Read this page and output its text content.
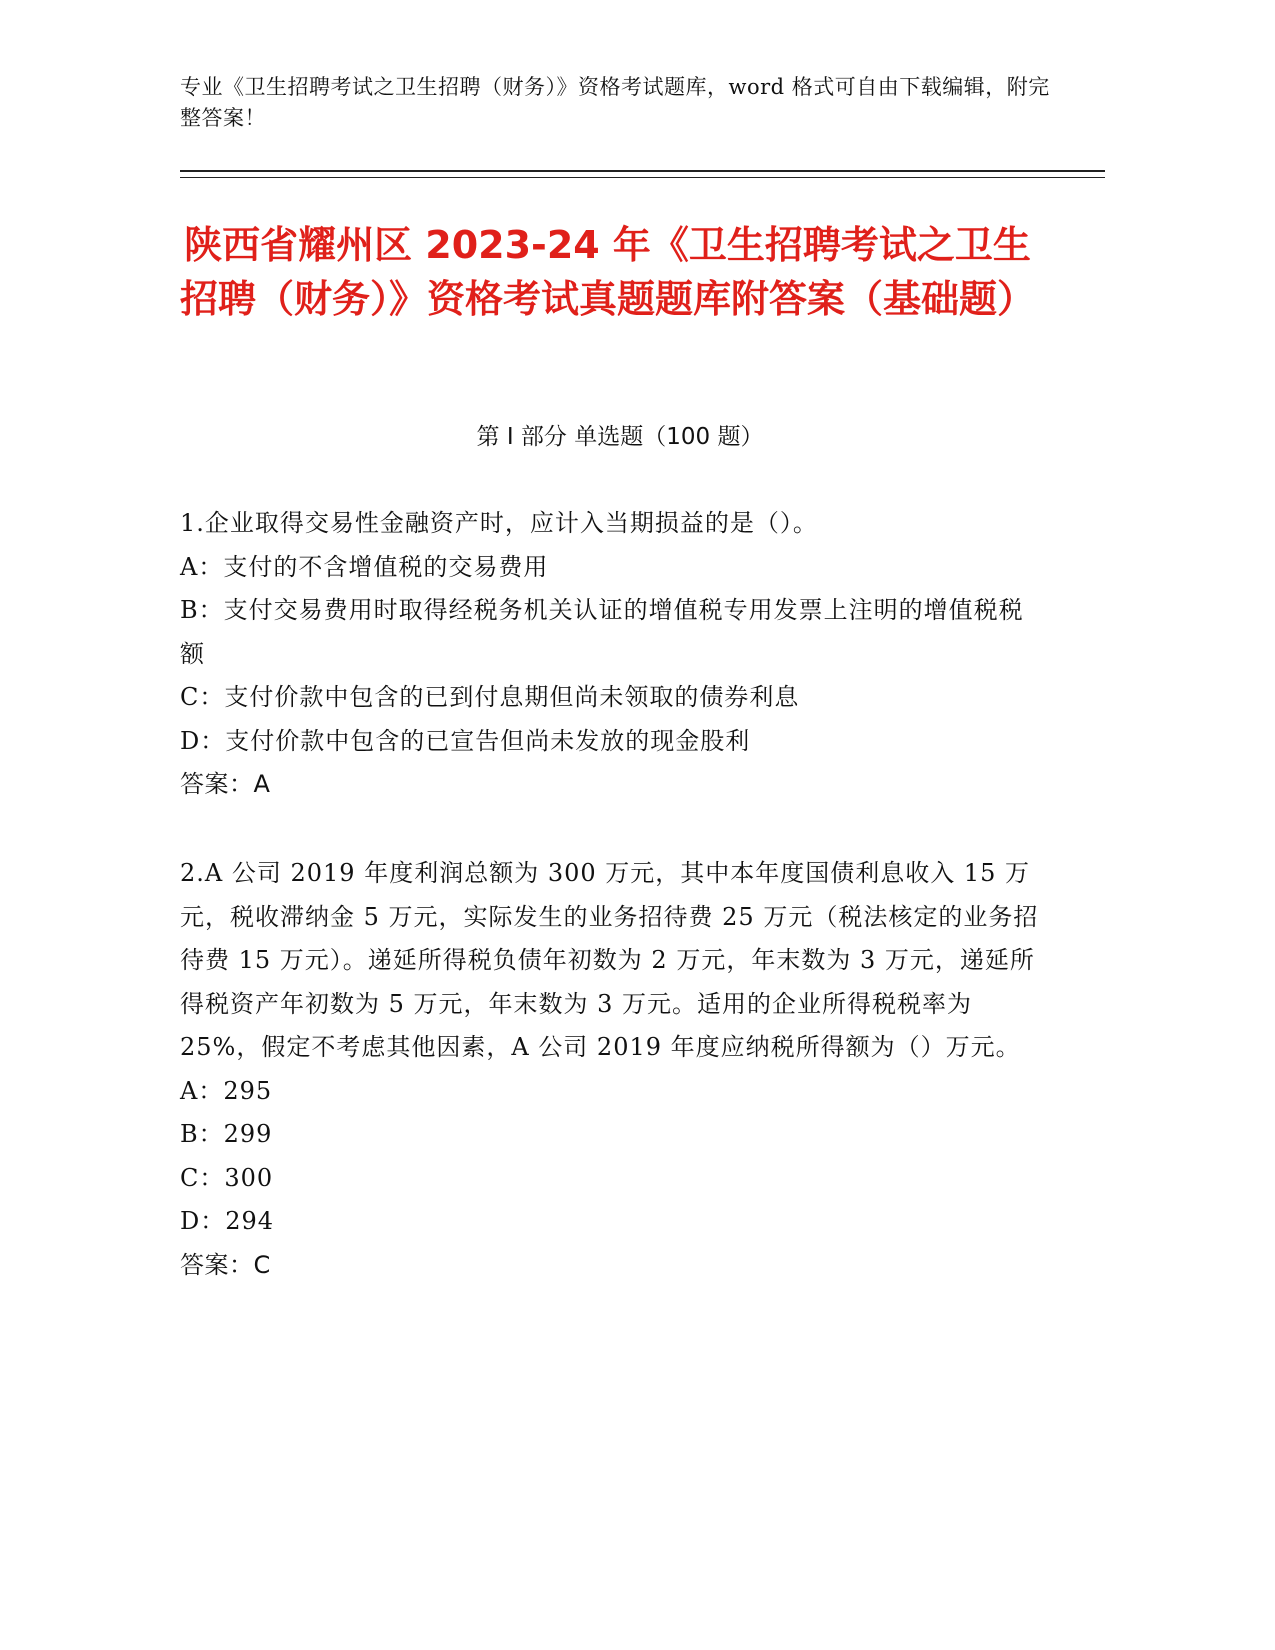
专业《卫生招聘考试之卫生招聘（财务）》资格考试题库，word 格式可自由下载编辑，附完整答案！
陕西省耀州区 2023-24 年《卫生招聘考试之卫生招聘（财务）》资格考试真题题库附答案（基础题）
第 I 部分 单选题（100 题）

1.企业取得交易性金融资产时，应计入当期损益的是（）。

A：支付的不含增值税的交易费用

B：支付交易费用时取得经税务机关认证的增值税专用发票上注明的增值税税额

C：支付价款中包含的已到付息期但尚未领取的债券利息

D：支付价款中包含的已宣告但尚未发放的现金股利

答案：A

2.A 公司 2019 年度利润总额为 300 万元，其中本年度国债利息收入 15 万元，税收滞纳金 5 万元，实际发生的业务招待费 25 万元（税法核定的业务招待费 15 万元）。递延所得税负债年初数为 2 万元，年末数为 3 万元，递延所得税资产年初数为 5 万元，年末数为 3 万元。适用的企业所得税税率为 25%，假定不考虑其他因素，A 公司 2019 年度应纳税所得额为（）万元。

A：295

B：299

C：300

D：294

答案：C
